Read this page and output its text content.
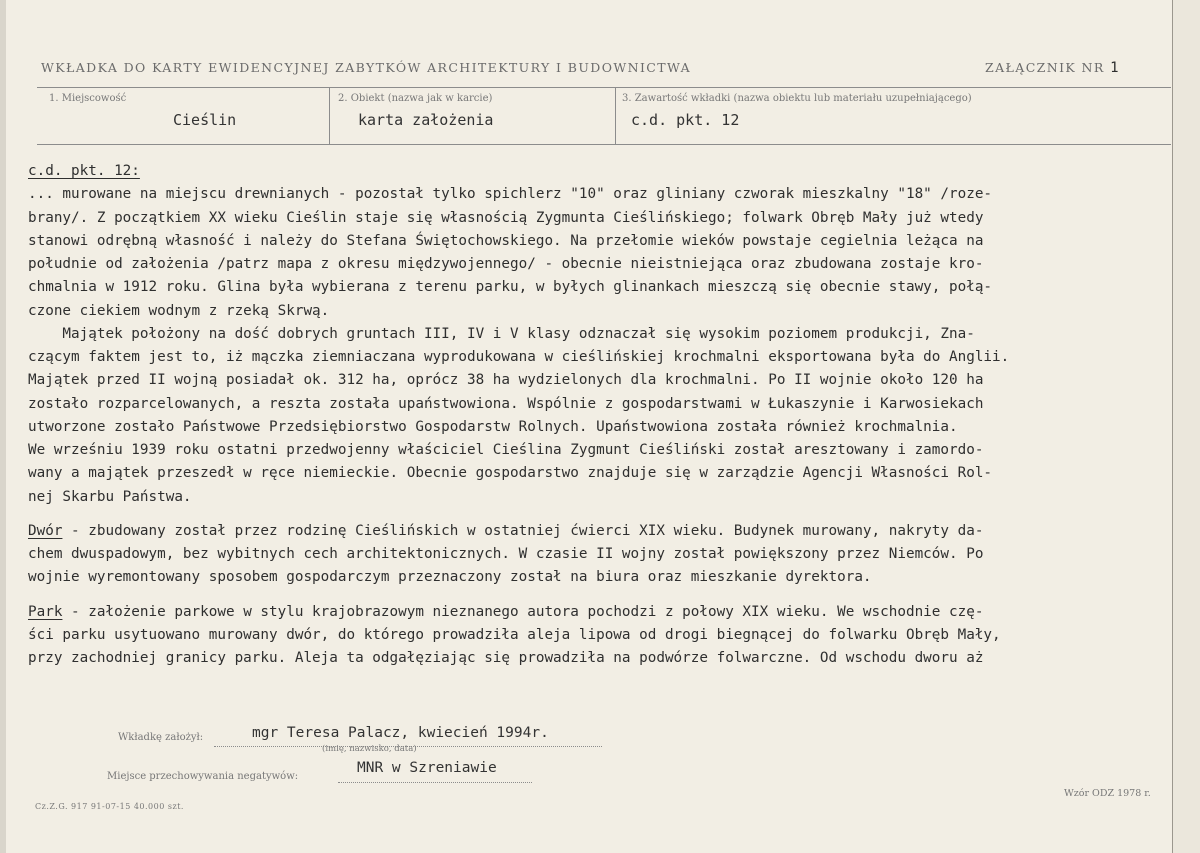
WKŁADKA DO KARTY EWIDENCYJNEJ ZABYTKÓW ARCHITEKTURY I BUDOWNICTWA	ZAŁĄCZNIK NR 1
1. Miejscowość
Cieślin
2. Obiekt (nazwa jak w karcie)
karta założenia
3. Zawartość wkładki (nazwa obiektu lub materiału uzupełniającego)
c.d. pkt. 12
c.d. pkt. 12:
... murowane na miejscu drewnianych - pozostał tylko spichlerz "10" oraz gliniany czworak mieszkalny "18" /roze-
brany/. Z początkiem XX wieku Cieślin staje się własnością Zygmunta Cieślińskiego; folwark Obręb Mały już wtedy
stanowi odrębną własność i należy do Stefana Świętochowskiego. Na przełomie wieków powstaje cegielnia leżąca na
południe od założenia /patrz mapa z okresu międzywojennego/ - obecnie nieistniejąca oraz zbudowana zostaje kro-
chmalnia w 1912 roku. Glina była wybierana z terenu parku, w byłych glinankach mieszczą się obecnie stawy, połą-
czone ciekiem wodnym z rzeką Skrwą.
Majątek położony na dość dobrych gruntach III, IV i V klasy odznaczał się wysokim poziomem produkcji, Zna-
czącym faktem jest to, iż mączka ziemniaczana wyprodukowana w cieślińskiej krochmalni eksportowana była do Anglii.
Majątek przed II wojną posiadał ok. 312 ha, oprócz 38 ha wydzielonych dla krochmalni. Po II wojnie około 120 ha
zostało rozparcelowanych, a reszta została upaństwowiona. Wspólnie z gospodarstwami w Łukaszynie i Karwosiekach
utworzone zostało Państwowe Przedsiębiorstwo Gospodarstw Rolnych. Upaństwowiona została również krochmalnia.
We wrześniu 1939 roku ostatni przedwojenny właściciel Cieślina Zygmunt Cieśliński został aresztowany i zamordo-
wany a majątek przeszedł w ręce niemieckie. Obecnie gospodarstwo znajduje się w zarządzie Agencji Własności Rol-
nej Skarbu Państwa.
Dwór - zbudowany został przez rodzinę Cieślińskich w ostatniej ćwierci XIX wieku. Budynek murowany, nakryty da-
chem dwuspadowym, bez wybitnych cech architektonicznych. W czasie II wojny został powiększony przez Niemców. Po
wojnie wyremontowany sposobem gospodarczym przeznaczony został na biura oraz mieszkanie dyrektora.
Park - założenie parkowe w stylu krajobrazowym nieznanego autora pochodzi z połowy XIX wieku. We wschodnie czę-
ści parku usytuowano murowany dwór, do którego prowadziła aleja lipowa od drogi biegnącej do folwarku Obręb Mały,
przy zachodniej granicy parku. Aleja ta odgałęziając się prowadziła na podwórze folwarczne. Od wschodu dworu aż
Wkładkę założył:	mgr Teresa Palacz, kwiecień 1994r.
(imię, nazwisko, data)
Miejsce przechowywania negatywów:
MNR w Szreniawie
Cz.Z.G. 917 91-07-15 40.000 szt.
Wzór ODZ 1978 r.
